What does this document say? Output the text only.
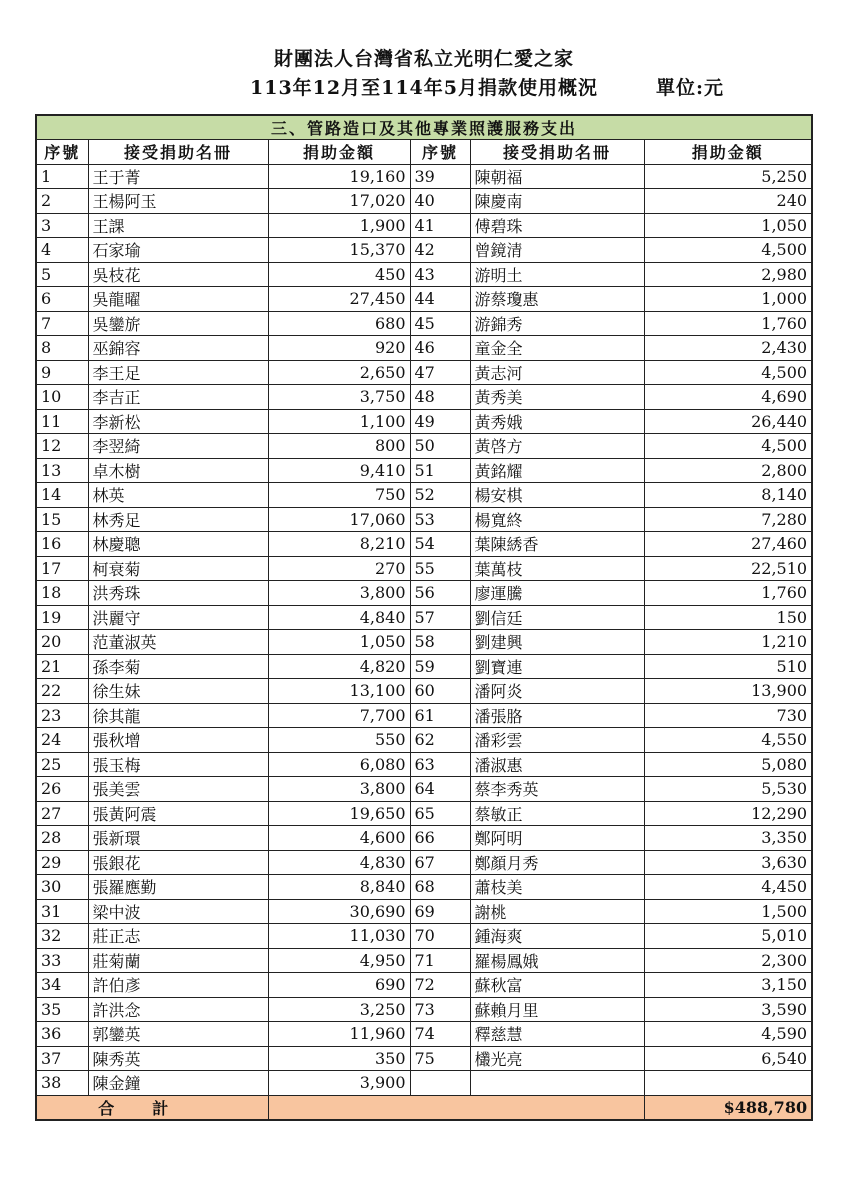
財團法人台灣省私立光明仁愛之家
113年12月至114年5月捐款使用概況	單位:元
三、管路造口及其他專業照護服務支出					
序號	接受捐助名冊	捐助金額	序號	接受捐助名冊	捐助金額
1	王于菁	19,160	39	陳朝福	5,250
2	王楊阿玉	17,020	40	陳慶南	240
3	王課	1,900	41	傅碧珠	1,050
4	石家瑜	15,370	42	曾鏡清	4,500
5	吳枝花	450	43	游明土	2,980
6	吳龍曜	27,450	44	游蔡瓊惠	1,000
7	吳鑾旂	680	45	游錦秀	1,760
8	巫錦容	920	46	童金全	2,430
9	李王足	2,650	47	黃志河	4,500
10	李吉正	3,750	48	黃秀美	4,690
11	李新松	1,100	49	黃秀娥	26,440
12	李翌綺	800	50	黃啓方	4,500
13	卓木樹	9,410	51	黃銘耀	2,800
14	林英	750	52	楊安棋	8,140
15	林秀足	17,060	53	楊寬終	7,280
16	林慶聰	8,210	54	葉陳綉香	27,460
17	柯衰菊	270	55	葉萬枝	22,510
18	洪秀珠	3,800	56	廖運騰	1,760
19	洪麗守	4,840	57	劉信廷	150
20	范董淑英	1,050	58	劉建興	1,210
21	孫李菊	4,820	59	劉寶連	510
22	徐生妹	13,100	60	潘阿炎	13,900
23	徐其龍	7,700	61	潘張胳	730
24	張秋增	550	62	潘彩雲	4,550
25	張玉梅	6,080	63	潘淑惠	5,080
26	張美雲	3,800	64	蔡李秀英	5,530
27	張黃阿震	19,650	65	蔡敏正	12,290
28	張新環	4,600	66	鄭阿明	3,350
29	張銀花	4,830	67	鄭顏月秀	3,630
30	張羅應勤	8,840	68	蕭枝美	4,450
31	梁中波	30,690	69	謝桃	1,500
32	莊正志	11,030	70	鍾海爽	5,010
33	莊菊蘭	4,950	71	羅楊鳳娥	2,300
34	許伯彥	690	72	蘇秋富	3,150
35	許洪念	3,250	73	蘇賴月里	3,590
36	郭鑾英	11,960	74	釋慈慧	4,590
37	陳秀英	350	75	欉光亮	6,540
38	陳金鐘	3,900			
合計					$488,780
